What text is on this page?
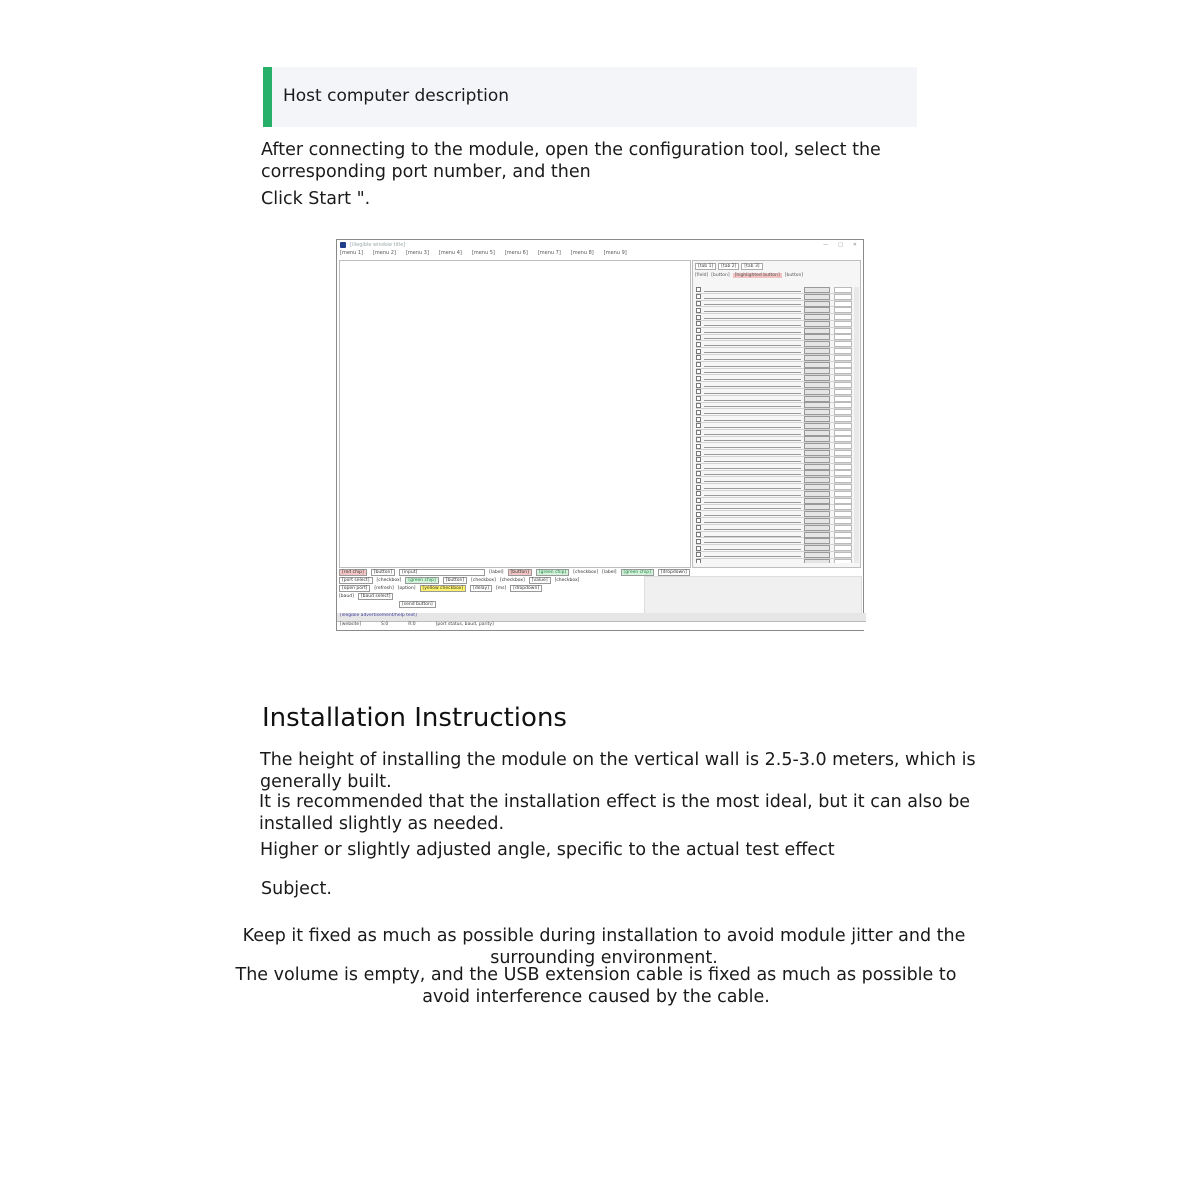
Host computer description
After connecting to the module, open the configuration tool, select the corresponding port number, and then
Click Start ".
[illegible window title]	— □ ✕
[menu 1] [menu 2] [menu 3] [menu 4] [menu 5] [menu 6] [menu 7] [menu 8] [menu 9]
[tab 1]	[tab 2]	[tab 3]
[field] [button]	[highlighted button]	[button]
[red chip]	[button]	[input]	[label]	[button]	[green chip]	[checkbox] [label]	[green chip]	[dropdown]
[port select]	[checkbox]	[green chip]	[button]	[checkbox] [checkbox]	[value]	[checkbox]
[open port]	[refresh] [option]	[yellow checkbox]	[delay]	[ms]	[dropdown]
[baud]	[baud select]
[send button]
[illegible advertisement/help text]
[website]	S:0	R:0	[port status, baud, parity]
Installation Instructions
The height of installing the module on the vertical wall is 2.5-3.0 meters, which is generally built.
It is recommended that the installation effect is the most ideal, but it can also be installed slightly as needed.
Higher or slightly adjusted angle, specific to the actual test effect
Subject.
Keep it fixed as much as possible during installation to avoid module jitter and the surrounding environment.
The volume is empty, and the USB extension cable is fixed as much as possible to avoid interference caused by the cable.
